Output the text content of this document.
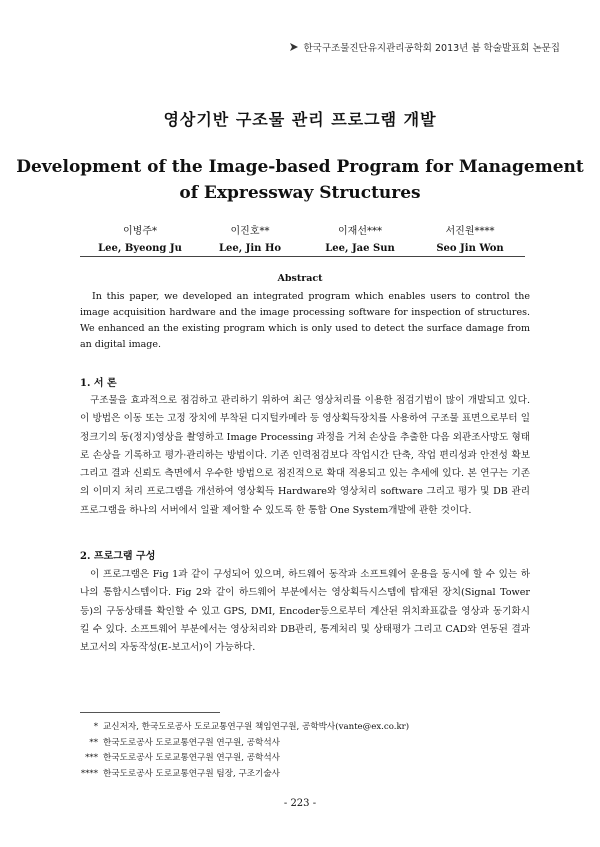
한국구조물진단유지관리공학회 2013년 봄 학술발표회 논문집
영상기반 구조물 관리 프로그램 개발
Development of the Image-based Program for Management
of Expressway Structures
이병주*
Lee, Byeong Ju
이진호**
Lee, Jin Ho
이재선***
Lee, Jae Sun
서진원****
Seo Jin Won
Abstract
In this paper, we developed an integrated program which enables users to control the image acquisition hardware and the image processing software for inspection of structures. We enhanced an the existing program which is only used to detect the surface damage from an digital image.
1. 서 론
구조물을 효과적으로 점검하고 관리하기 위하여 최근 영상처리를 이용한 점검기법이 많이 개발되고 있다. 이 방법은 이동 또는 고정 장치에 부착된 디지털카메라 등 영상획득장치를 사용하여 구조물 표면으로부터 일정크기의 동(정지)영상을 촬영하고 Image Processing 과정을 거쳐 손상을 추출한 다음 외관조사망도 형태로 손상을 기록하고 평가·관리하는 방법이다. 기존 인력점검보다 작업시간 단축, 작업 편리성과 안전성 확보 그리고 결과 신뢰도 측면에서 우수한 방법으로 점진적으로 확대 적용되고 있는 추세에 있다. 본 연구는 기존의 이미지 처리 프로그램을 개선하여 영상획득 Hardware와 영상처리 software 그리고 평가 및 DB 관리 프로그램을 하나의 서버에서 일괄 제어할 수 있도록 한 통합 One System개발에 관한 것이다.
2. 프로그램 구성
이 프로그램은 Fig 1과 같이 구성되어 있으며, 하드웨어 동작과 소프트웨어 운용을 동시에 할 수 있는 하나의 통합시스템이다. Fig 2와 같이 하드웨어 부분에서는 영상획득시스템에 탑재된 장치(Signal Tower 등)의 구동상태를 확인할 수 있고 GPS, DMI, Encoder등으로부터 계산된 위치좌표값을 영상과 동기화시킬 수 있다. 소프트웨어 부분에서는 영상처리와 DB관리, 통계처리 및 상태평가 그리고 CAD와 연동된 결과보고서의 자동작성(E-보고서)이 가능하다.
* 교신저자, 한국도로공사 도로교통연구원 책임연구원, 공학박사(vante@ex.co.kr)
** 한국도로공사 도로교통연구원 연구원, 공학석사
*** 한국도로공사 도로교통연구원 연구원, 공학석사
**** 한국도로공사 도로교통연구원 팀장, 구조기술사
- 223 -
